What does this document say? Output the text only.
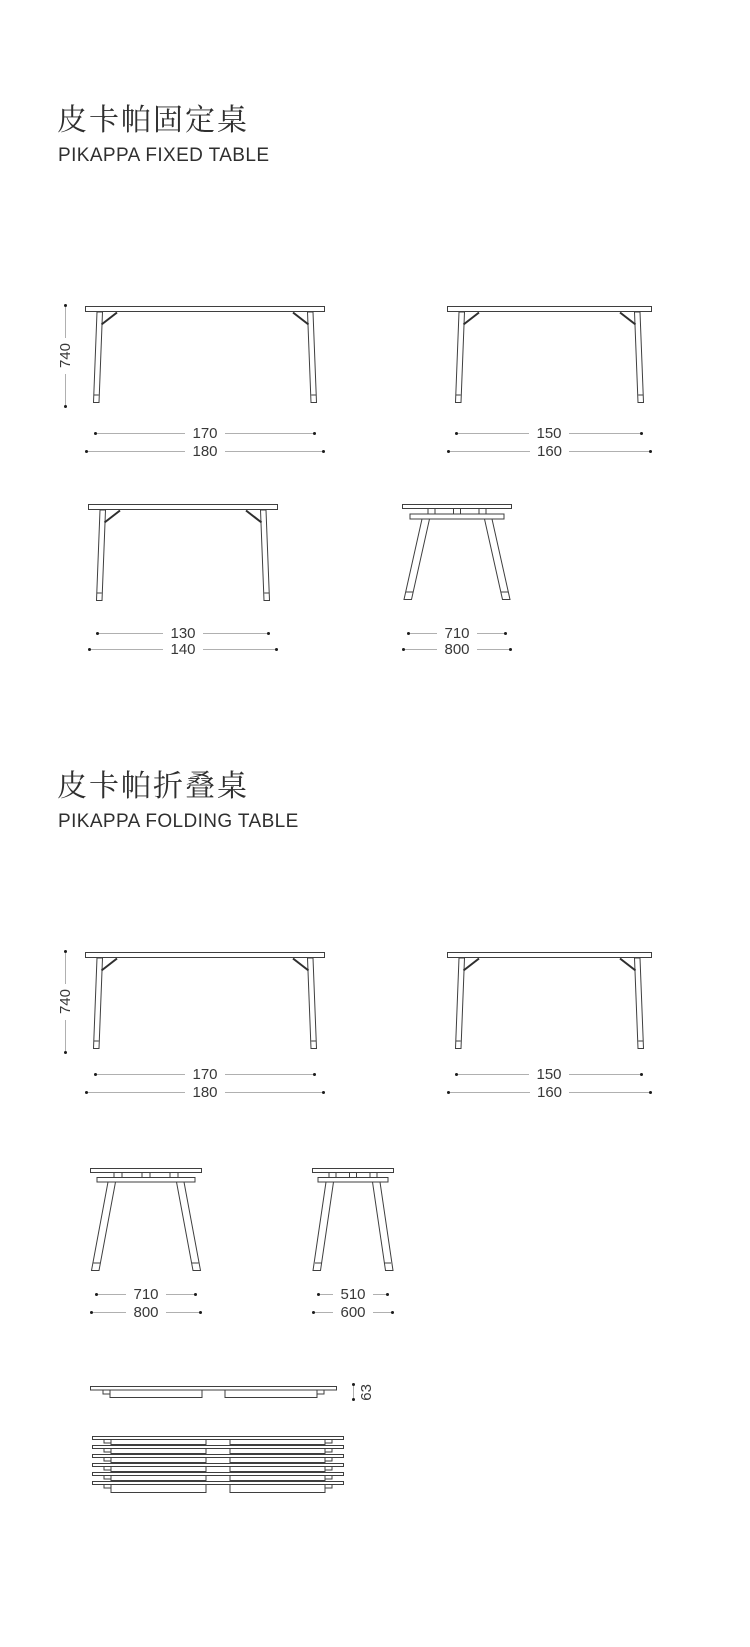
皮卡帕固定桌
PIKAPPA FIXED TABLE
740
170
180
150
160
130
140
710
800
皮卡帕折叠桌
PIKAPPA FOLDING TABLE
740
170
180
150
160
710
800
510
600
63
